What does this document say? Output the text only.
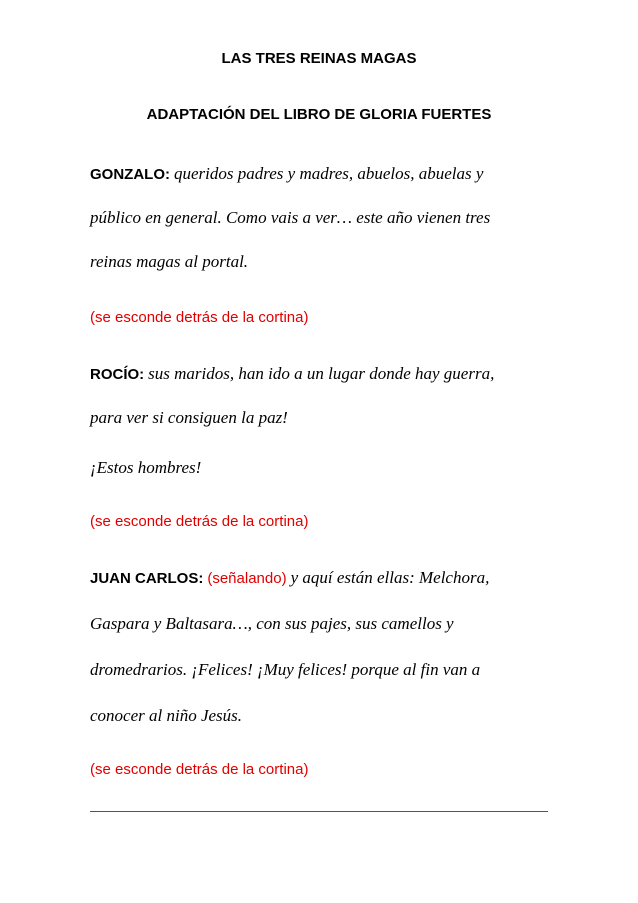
LAS TRES REINAS MAGAS
ADAPTACIÓN DEL LIBRO DE GLORIA FUERTES
GONZALO: queridos padres y madres, abuelos, abuelas y
público en general. Como vais a ver… este año vienen tres
reinas magas al portal.
(se esconde detrás de la cortina)
ROCÍO: sus maridos, han ido a un lugar donde hay guerra,
para ver si consiguen la paz!
¡Estos hombres!
(se esconde detrás de la cortina)
JUAN CARLOS: (señalando) y aquí están ellas: Melchora,
Gaspara y Baltasara…, con sus pajes, sus camellos y
dromedrarios. ¡Felices! ¡Muy felices! porque al fin van a
conocer al niño Jesús.
(se esconde detrás de la cortina)
